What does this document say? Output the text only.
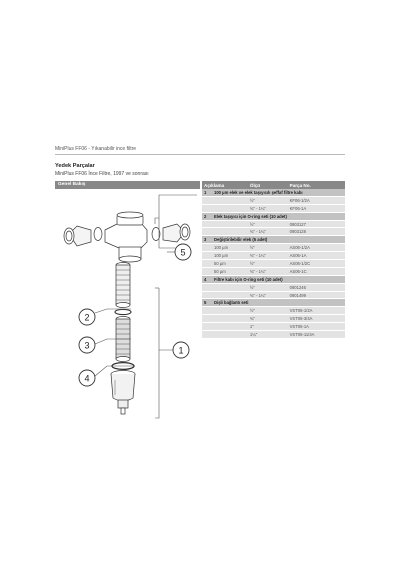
MiniPlus FF06 - Yıkanabilir ince filtre
Yedek Parçalar
MiniPlus FF06 İnce Filtre, 1997 ve sonrası
Genel Bakış
5
2
3	1
4
Açıklama		Ölçü	Parça No.
1	100 µm elek ve elek taşıyıcılı şeffaf filtre kabı		
		½"	KF06-1/2A
		¾" - 1¼"	KF06-1A
2	Elek taşıyıcı için O-ring seti (10 adet)		
		½"	0903127
		¾" - 1¼"	0903128
3	Değiştirilebilir elek (5 adet)		
	100 µm	½"	AS06-1/2A
	100 µm	¾" - 1¼"	AS06-1A
	50 µm	½"	AS06-1/2C
	50 µm	¾" - 1¼"	AS06-1C
4	Filtre kabı için O-ring seti (10 adet)		
		½"	0901246
		¾" - 1¼"	0901499
5	Dişli bağlantı seti		
		½"	VST06-1/2A
		¾"	VST06-3/4A
		1"	VST06-1A
		1¼"	VST06-11/4A
